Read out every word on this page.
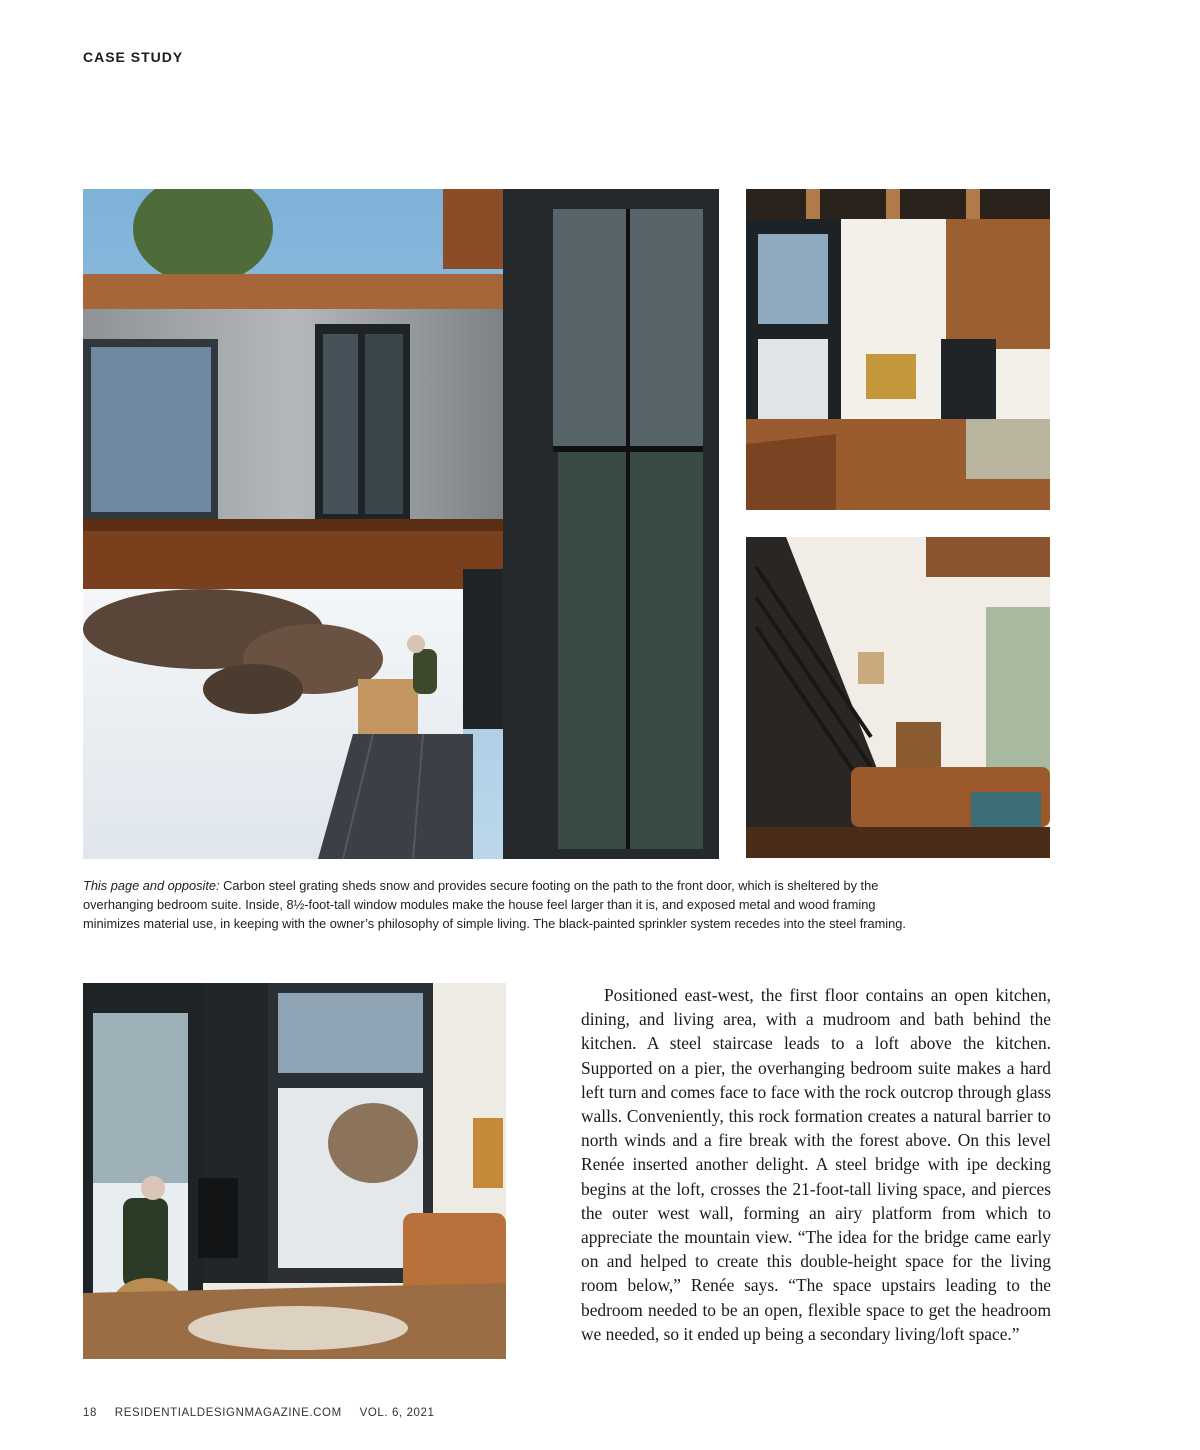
CASE STUDY
This page and opposite: Carbon steel grating sheds snow and provides secure footing on the path to the front door, which is sheltered by the overhanging bedroom suite. Inside, 8½-foot-tall window modules make the house feel larger than it is, and exposed metal and wood framing minimizes material use, in keeping with the owner’s philosophy of simple living. The black-painted sprinkler system recedes into the steel framing.
Positioned east-west, the first floor contains an open kitchen, dining, and living area, with a mudroom and bath behind the kitchen. A steel staircase leads to a loft above the kitchen. Supported on a pier, the overhanging bedroom suite makes a hard left turn and comes face to face with the rock outcrop through glass walls. Conveniently, this rock formation creates a natural barrier to north winds and a fire break with the forest above. On this level Renée inserted another delight. A steel bridge with ipe decking begins at the loft, crosses the 21-foot-tall living space, and pierces the outer west wall, forming an airy platform from which to appreciate the mountain view. “The idea for the bridge came early on and helped to create this double-height space for the living room below,” Renée says. “The space upstairs leading to the bedroom needed to be an open, flexible space to get the headroom we needed, so it ended up being a secondary living/loft space.”
18 RESIDENTIALDESIGNMAGAZINE.COM VOL. 6, 2021
